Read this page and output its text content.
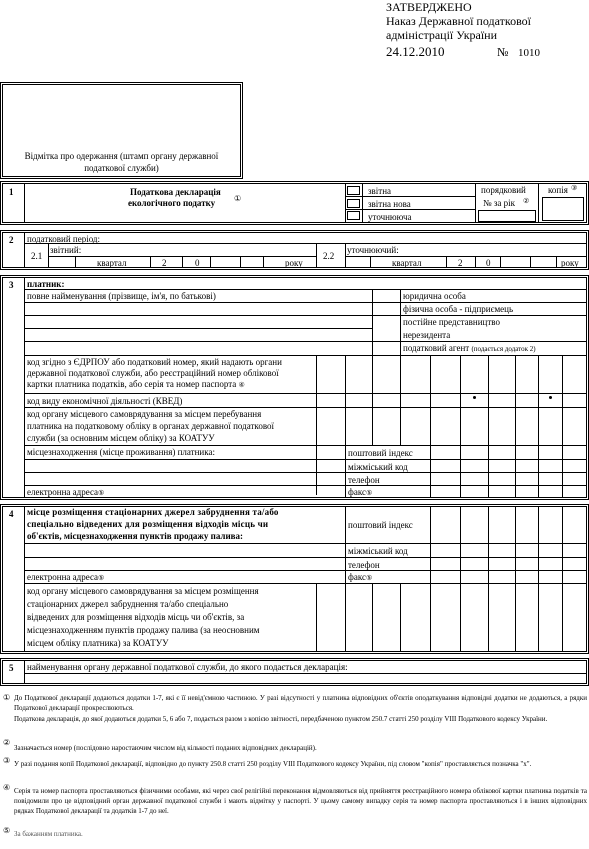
ЗАТВЕРДЖЕНО
Наказ Державної податкової
адміністрації України
24.12.2010	№ 1010
Відмітка про одержання (штамп органу державної податкової служби)
1	Податкова декларація
екологічного податку ①
звітна
звітна нова
уточнююча
порядковий
№ за рік ②
копія ③
2 податковий період:
2.1
звітний:
квартал	2	0	року
2.2
уточнюючий:
квартал	2	0	року
3 платник:
повне найменування (прізвище, ім'я, по батькові)	юридична особа
фізична особа - підприємець
постійне представництво
нерезидента
податковий агент (подається додаток 2)
код згідно з ЄДРПОУ або податковий номер, який надають органи
державної податкової служби, або реєстраційний номер облікової
картки платника податків, або серія та номер паспорта ④
код виду економічної діяльності (КВЕД)
код органу місцевого самоврядування за місцем перебування
платника на податковому обліку в органах державної податкової
служби (за основним місцем обліку) за КОАТУУ
місцезнаходження (місце проживання) платника:	поштовий індекс
міжміський код
телефон
електронна адреса⑤	факс⑤
4 місце розміщення стаціонарних джерел забруднення та/або
спеціально відведених для розміщення відходів місць чи
об'єктів, місцезнаходження пунктів продажу палива:
поштовий індекс
міжміський код
телефон
електронна адреса⑤	факс⑤
код органу місцевого самоврядування за місцем розміщення
стаціонарних джерел забруднення та/або спеціально
відведених для розміщення відходів місць чи об'єктів, за
місцезнаходженням пунктів продажу палива (за неосновним
місцем обліку платника) за КОАТУУ
5 найменування органу державної податкової служби, до якого подається декларація:
① До Податкової декларації додаються додатки 1-7, які є її невід'ємною частиною. У разі відсутності у платника відповідних об'єктів оподаткування відповідні додатки не додаються, а рядки Податкової декларації прокреслюються.
Податкова декларація, до якої додаються додатки 5, 6 або 7, подається разом з копією звітності, передбаченою пунктом 250.7 статті 250 розділу VIII Податкового кодексу України.
②
Зазначається номер (послідовно наростаючим числом від кількості поданих відповідних декларацій).
③ У разі подання копії Податкової декларації, відповідно до пункту 250.8 статті 250 розділу VIII Податкового кодексу України, під словом "копія" проставляється позначка "х".
④ Серія та номер паспорта проставляються фізичними особами, які через свої релігійні переконання відмовляються від прийняття реєстраційного номера облікової картки платника податків та повідомили про це відповідний орган державної податкової служби і мають відмітку у паспорті. У цьому самому випадку серія та номер паспорта проставляються і в інших відповідних рядках Податкової декларації та додатків 1-7 до неї.
⑤ За бажанням платника.
